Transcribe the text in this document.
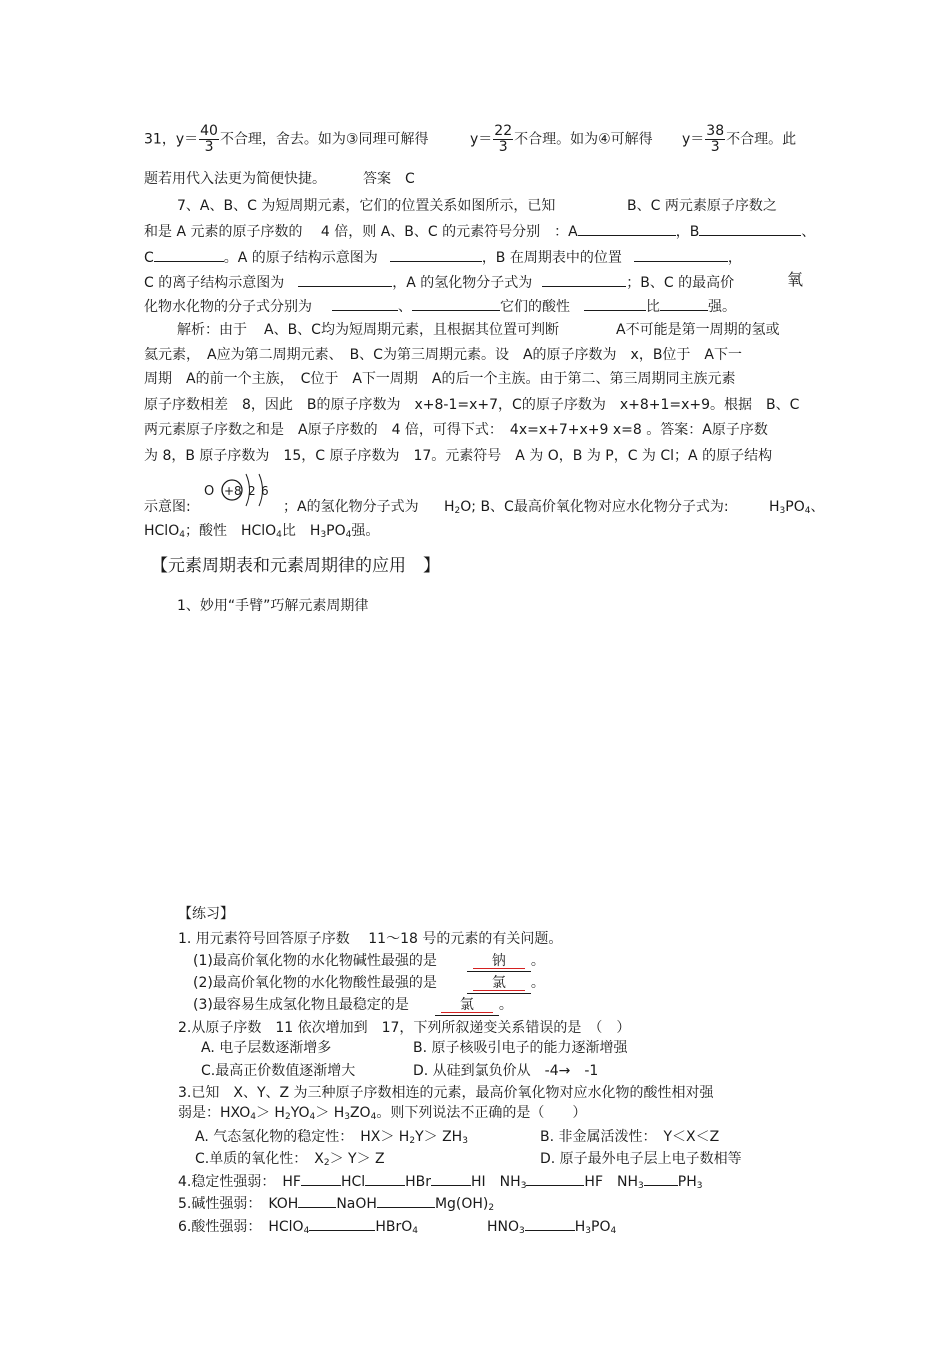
31，$y= \frac{40}{3}$ 不合理，舍去。如为③同理可解得	$y= \frac{22}{3}$ 不合理。如为④可解得 $y= \frac{38}{3}$ 不合理。此
题若用代入法更为简便快捷。	答案　C
7、A、B、C 为短周期元素，它们的位置关系如图所示，已知	B、C 两元素原子序数之
和是 A 元素的原子序数的　 4 倍，则 A、B、C 的元素符号分别　：A	，B	、
C	。A 的原子结构示意图为	，B 在周期表中的位置	，
C 的离子结构示意图为	，A 的氢化物分子式为	；B、C 的最高价	氧
化物水化物的分子式分别为	、	它们的酸性	比	强。
解析：由于 A、B、C均为短周期元素，且根据其位置可判断	A不可能是第一周期的氢或
氦元素，　A应为第二周期元素、　B、C为第三周期元素。设　A的原子序数为　x，B位于　A下一
周期　A的前一个主族，　C位于　A下一周期　A的后一个主族。由于第二、第三周期同主族元素
原子序数相差　8，因此　B的原子序数为　x+8-1=x+7，C的原子序数为　x+8+1=x+9。根据　B、C
两元素原子序数之和是　A原子序数的　4 倍，可得下式：　4x=x+7+x+9 x=8 。答案：A原子序数
为 8，B 原子序数为　15，C 原子序数为　17。元素符号　A 为 O，B 为 P，C 为 Cl；A 的原子结构
示意图:
O +8 2 6
；A的氢化物分子式为 $H_2O$; B、C最高价氧化物对应水化物分子式为:	$H_3PO_4$、
HClO$_4$；酸性　HClO$_4$比　$H_3PO_4$强。
【元素周期表和元素周期律的应用　】
1、妙用“手臂”巧解元素周期律
【练习】
1. 用元素符号回答原子序数　 11～18 号的元素的有关问题。
(1)最高价氧化物的水化物碱性最强的是	钠 。
(2)最高价氧化物的水化物酸性最强的是	氯 。
(3)最容易生成氢化物且最稳定的是	氯 。
2.从原子序数　11 依次增加到　17，下列所叙递变关系错误的是　（　）
A. 电子层数逐渐增多	B. 原子核吸引电子的能力逐渐增强
C.最高正价数值逐渐增大	D. 从硅到氯负价从　-4→　-1
3.已知　X、Y、Z 为三种原子序数相连的元素，最高价氧化物对应水化物的酸性相对强
弱是：$HXO_4> H_2YO_4> H_3ZO_4$。则下列说法不正确的是（　　）
A. 气态氢化物的稳定性：　$HX> H_2Y> ZH_3$	B. 非金属活泼性：　Y＜X＜Z
C.单质的氧化性：　$X_2> Y> Z$	D. 原子最外电子层上电子数相等
4.稳定性强弱：　HF	HCl	HBr	HI　$NH_3$	HF　$NH_3$ $PH_3$
5.碱性强弱：　KOH	NaOH	$Mg(OH)_2$
6.酸性强弱：　HClO$_4$	HBrO$_4$	$HNO_3$	$H_3PO_4$
